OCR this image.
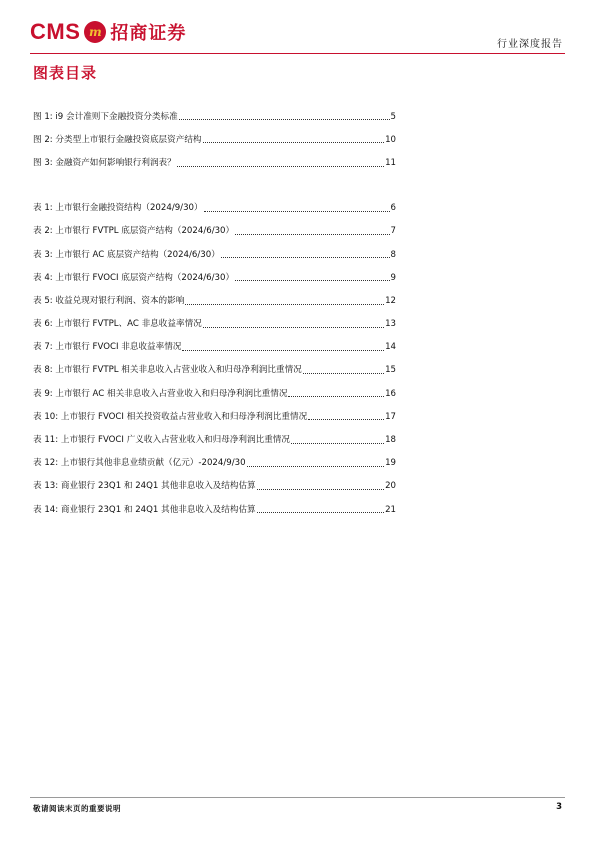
CMS m 招商证券
行业深度报告
图表目录
图 1: i9 会计准则下金融投资分类标准	5
图 2: 分类型上市银行金融投资底层资产结构	10
图 3: 金融资产如何影响银行利润表？	11
表 1: 上市银行金融投资结构（2024/9/30）	6
表 2: 上市银行 FVTPL 底层资产结构（2024/6/30）	7
表 3: 上市银行 AC 底层资产结构（2024/6/30）	8
表 4: 上市银行 FVOCI 底层资产结构（2024/6/30）	9
表 5: 收益兑现对银行利润、资本的影响	12
表 6: 上市银行 FVTPL、AC 非息收益率情况	13
表 7: 上市银行 FVOCI 非息收益率情况	14
表 8: 上市银行 FVTPL 相关非息收入占营业收入和归母净利润比重情况	15
表 9: 上市银行 AC 相关非息收入占营业收入和归母净利润比重情况	16
表 10: 上市银行 FVOCI 相关投资收益占营业收入和归母净利润比重情况	17
表 11: 上市银行 FVOCI 广义收入占营业收入和归母净利润比重情况	18
表 12: 上市银行其他非息业绩贡献（亿元）-2024/9/30	19
表 13: 商业银行 23Q1 和 24Q1 其他非息收入及结构估算	20
表 14: 商业银行 23Q1 和 24Q1 其他非息收入及结构估算	21
敬请阅读末页的重要说明	3
